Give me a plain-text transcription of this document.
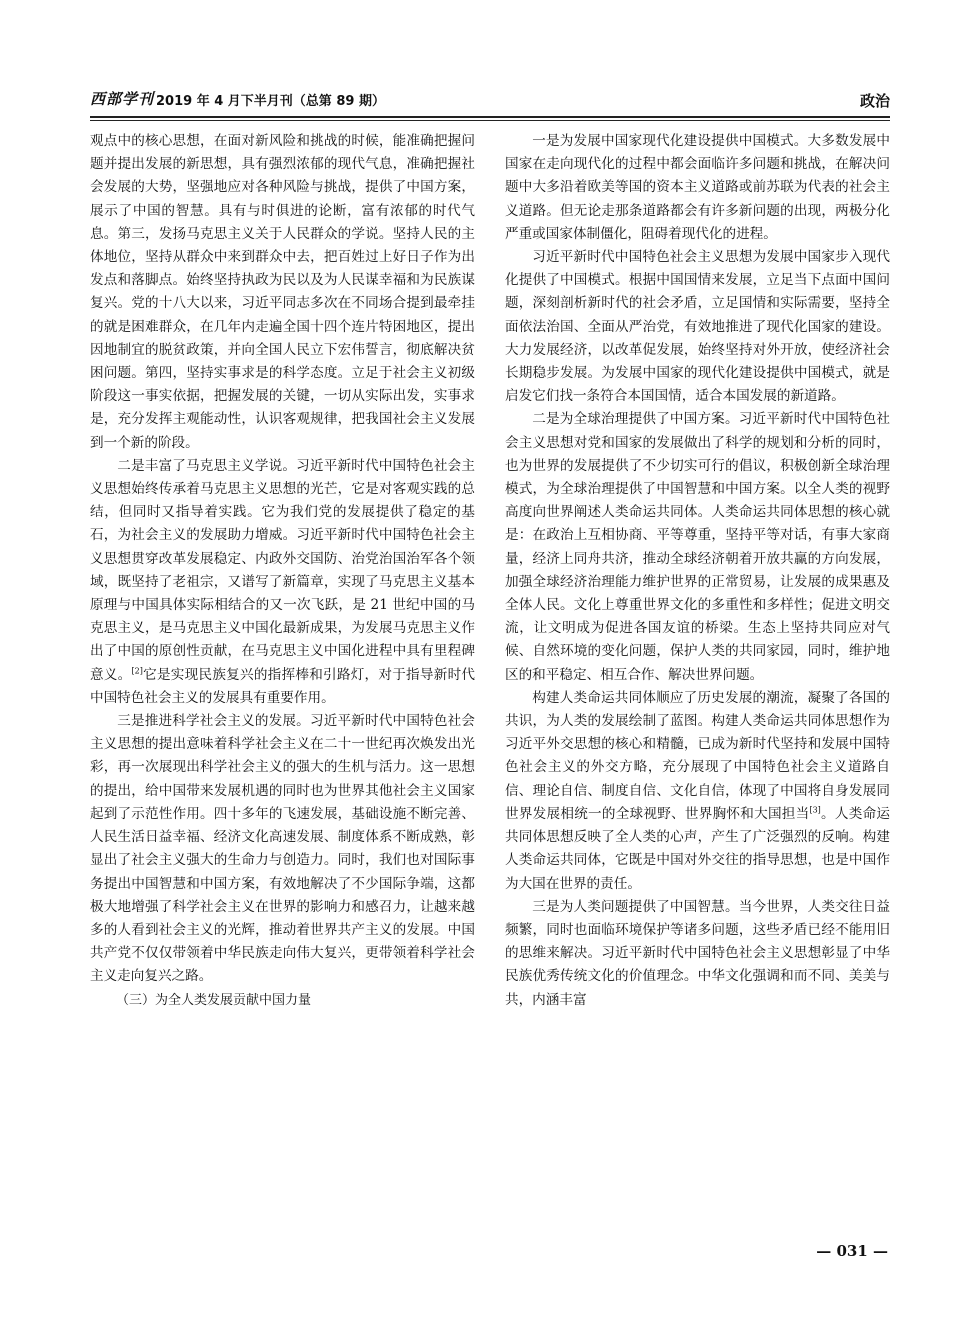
西部学刊 2019 年 4 月下半月刊（总第 89 期）	政治

观点中的核心思想，在面对新风险和挑战的时候，能准确把握问题并提出发展的新思想，具有强烈浓郁的现代气息，准确把握社会发展的大势，坚强地应对各种风险与挑战，提供了中国方案，展示了中国的智慧。具有与时俱进的论断，富有浓郁的时代气息。第三，发扬马克思主义关于人民群众的学说。坚持人民的主体地位，坚持从群众中来到群众中去，把百姓过上好日子作为出发点和落脚点。始终坚持执政为民以及为人民谋幸福和为民族谋复兴。党的十八大以来，习近平同志多次在不同场合提到最牵挂的就是困难群众，在几年内走遍全国十四个连片特困地区，提出因地制宜的脱贫政策，并向全国人民立下宏伟誓言，彻底解决贫困问题。第四，坚持实事求是的科学态度。立足于社会主义初级阶段这一事实依据，把握发展的关键，一切从实际出发，实事求是，充分发挥主观能动性，认识客观规律，把我国社会主义发展到一个新的阶段。

二是丰富了马克思主义学说。习近平新时代中国特色社会主义思想始终传承着马克思主义思想的光芒，它是对客观实践的总结，但同时又指导着实践。它为我们党的发展提供了稳定的基石，为社会主义的发展助力增威。习近平新时代中国特色社会主义思想贯穿改革发展稳定、内政外交国防、治党治国治军各个领域，既坚持了老祖宗，又谱写了新篇章，实现了马克思主义基本原理与中国具体实际相结合的又一次飞跃，是 21 世纪中国的马克思主义，是马克思主义中国化最新成果，为发展马克思主义作出了中国的原创性贡献，在马克思主义中国化进程中具有里程碑意义。[2]它是实现民族复兴的指挥棒和引路灯，对于指导新时代中国特色社会主义的发展具有重要作用。

三是推进科学社会主义的发展。习近平新时代中国特色社会主义思想的提出意味着科学社会主义在二十一世纪再次焕发出光彩，再一次展现出科学社会主义的强大的生机与活力。这一思想的提出，给中国带来发展机遇的同时也为世界其他社会主义国家起到了示范性作用。四十多年的飞速发展，基础设施不断完善、人民生活日益幸福、经济文化高速发展、制度体系不断成熟，彰显出了社会主义强大的生命力与创造力。同时，我们也对国际事务提出中国智慧和中国方案，有效地解决了不少国际争端，这都极大地增强了科学社会主义在世界的影响力和感召力，让越来越多的人看到社会主义的光辉，推动着世界共产主义的发展。中国共产党不仅仅带领着中华民族走向伟大复兴，更带领着科学社会主义走向复兴之路。

（三）为全人类发展贡献中国力量

一是为发展中国家现代化建设提供中国模式。大多数发展中国家在走向现代化的过程中都会面临许多问题和挑战，在解决问题中大多沿着欧美等国的资本主义道路或前苏联为代表的社会主义道路。但无论走那条道路都会有许多新问题的出现，两极分化严重或国家体制僵化，阻碍着现代化的进程。

习近平新时代中国特色社会主义思想为发展中国家步入现代化提供了中国模式。根据中国国情来发展，立足当下点面中国问题，深刻剖析新时代的社会矛盾，立足国情和实际需要，坚持全面依法治国、全面从严治党，有效地推进了现代化国家的建设。大力发展经济，以改革促发展，始终坚持对外开放，使经济社会长期稳步发展。为发展中国家的现代化建设提供中国模式，就是启发它们找一条符合本国国情，适合本国发展的新道路。

二是为全球治理提供了中国方案。习近平新时代中国特色社会主义思想对党和国家的发展做出了科学的规划和分析的同时，也为世界的发展提供了不少切实可行的倡议，积极创新全球治理模式，为全球治理提供了中国智慧和中国方案。以全人类的视野高度向世界阐述人类命运共同体。人类命运共同体思想的核心就是：在政治上互相协商、平等尊重，坚持平等对话，有事大家商量，经济上同舟共济，推动全球经济朝着开放共赢的方向发展，加强全球经济治理能力维护世界的正常贸易，让发展的成果惠及全体人民。文化上尊重世界文化的多重性和多样性；促进文明交流，让文明成为促进各国友谊的桥梁。生态上坚持共同应对气候、自然环境的变化问题，保护人类的共同家园，同时，维护地区的和平稳定、相互合作、解决世界问题。

构建人类命运共同体顺应了历史发展的潮流，凝聚了各国的共识，为人类的发展绘制了蓝图。构建人类命运共同体思想作为习近平外交思想的核心和精髓，已成为新时代坚持和发展中国特色社会主义的外交方略，充分展现了中国特色社会主义道路自信、理论自信、制度自信、文化自信，体现了中国将自身发展同世界发展相统一的全球视野、世界胸怀和大国担当[3]。人类命运共同体思想反映了全人类的心声，产生了广泛强烈的反响。构建人类命运共同体，它既是中国对外交往的指导思想，也是中国作为大国在世界的责任。

三是为人类问题提供了中国智慧。当今世界，人类交往日益频繁，同时也面临环境保护等诸多问题，这些矛盾已经不能用旧的思维来解决。习近平新时代中国特色社会主义思想彰显了中华民族优秀传统文化的价值理念。中华文化强调和而不同、美美与共，内涵丰富

— 031 —
